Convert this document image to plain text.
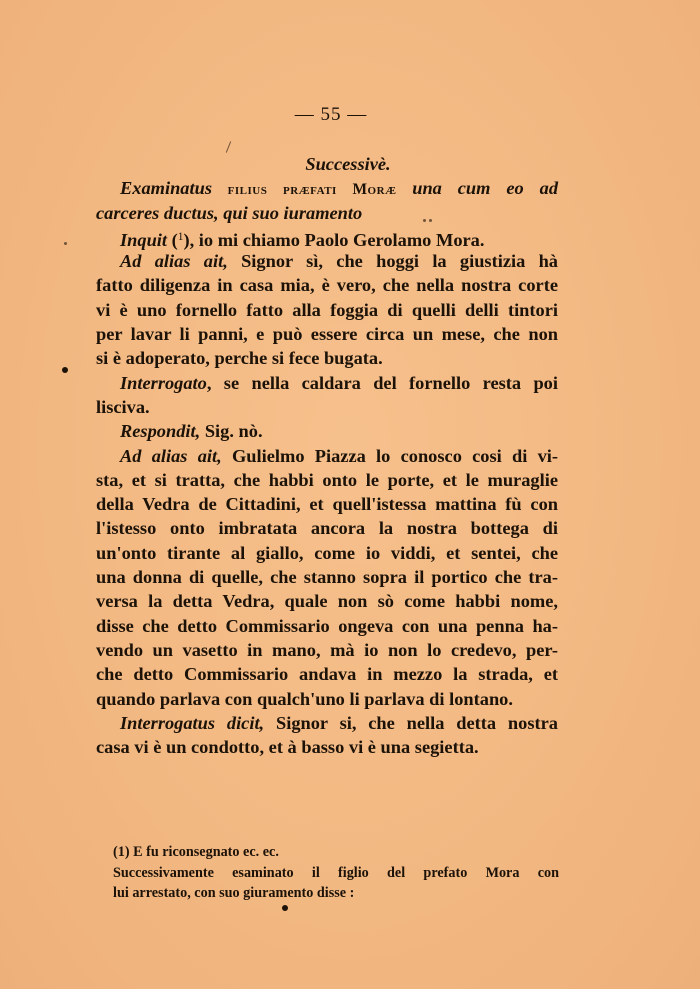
— 55 —
Successivè.
Examinatus filius præfati Moræ una cum eo ad
carceres ductus, qui suo iuramento
Inquit ($^1$), io mi chiamo Paolo Gerolamo Mora.
Ad alias ait, Signor sì, che hoggi la giustizia hà
fatto diligenza in casa mia, è vero, che nella nostra corte
vi è uno fornello fatto alla foggia di quelli delli tintori
per lavar li panni, e può essere circa un mese, che non
si è adoperato, perche si fece bugata.
Interrogato, se nella caldara del fornello resta poi
lisciva.
Respondit, Sig. nò.
Ad alias ait, Gulielmo Piazza lo conosco cosi di vi-
sta, et si tratta, che habbi onto le porte, et le muraglie
della Vedra de Cittadini, et quell'istessa mattina fù con
l'istesso onto imbratata ancora la nostra bottega di
un'onto tirante al giallo, come io viddi, et sentei, che
una donna di quelle, che stanno sopra il portico che tra-
versa la detta Vedra, quale non sò come habbi nome,
disse che detto Commissario ongeva con una penna ha-
vendo un vasetto in mano, mà io non lo credevo, per-
che detto Commissario andava in mezzo la strada, et
quando parlava con qualch'uno li parlava di lontano.
Interrogatus dicit, Signor si, che nella detta nostra
casa vi è un condotto, et à basso vi è una segietta.
(1) E fu riconsegnato ec. ec.
Successivamente esaminato il figlio del prefato Mora con
lui arrestato, con suo giuramento disse :
